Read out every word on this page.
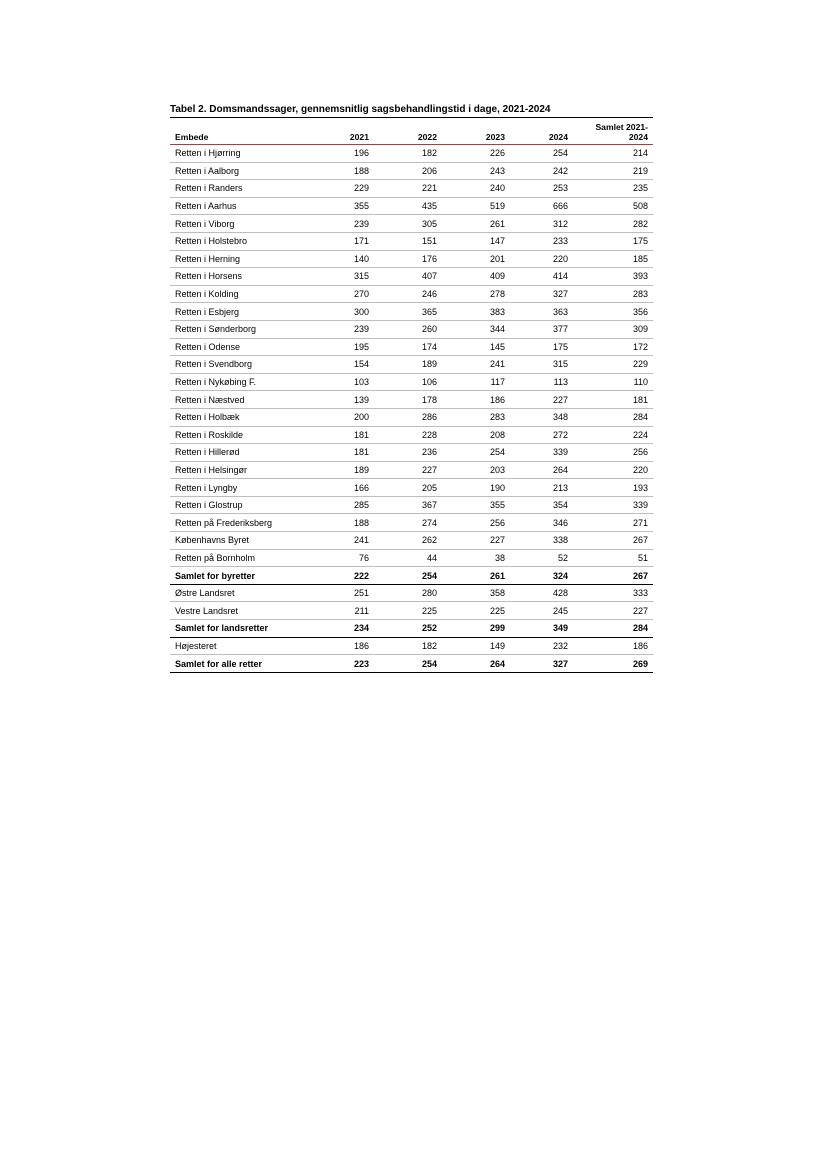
Tabel 2. Domsmandssager, gennemsnitlig sagsbehandlingstid i dage, 2021-2024
Embede	2021	2022	2023	2024	Samlet 2021-
2024
Retten i Hjørring	196	182	226	254	214
Retten i Aalborg	188	206	243	242	219
Retten i Randers	229	221	240	253	235
Retten i Aarhus	355	435	519	666	508
Retten i Viborg	239	305	261	312	282
Retten i Holstebro	171	151	147	233	175
Retten i Herning	140	176	201	220	185
Retten i Horsens	315	407	409	414	393
Retten i Kolding	270	246	278	327	283
Retten i Esbjerg	300	365	383	363	356
Retten i Sønderborg	239	260	344	377	309
Retten i Odense	195	174	145	175	172
Retten i Svendborg	154	189	241	315	229
Retten i Nykøbing F.	103	106	117	113	110
Retten i Næstved	139	178	186	227	181
Retten i Holbæk	200	286	283	348	284
Retten i Roskilde	181	228	208	272	224
Retten i Hillerød	181	236	254	339	256
Retten i Helsingør	189	227	203	264	220
Retten i Lyngby	166	205	190	213	193
Retten i Glostrup	285	367	355	354	339
Retten på Frederiksberg	188	274	256	346	271
Københavns Byret	241	262	227	338	267
Retten på Bornholm	76	44	38	52	51
Samlet for byretter	222	254	261	324	267
Østre Landsret	251	280	358	428	333
Vestre Landsret	211	225	225	245	227
Samlet for landsretter	234	252	299	349	284
Højesteret	186	182	149	232	186
Samlet for alle retter	223	254	264	327	269
